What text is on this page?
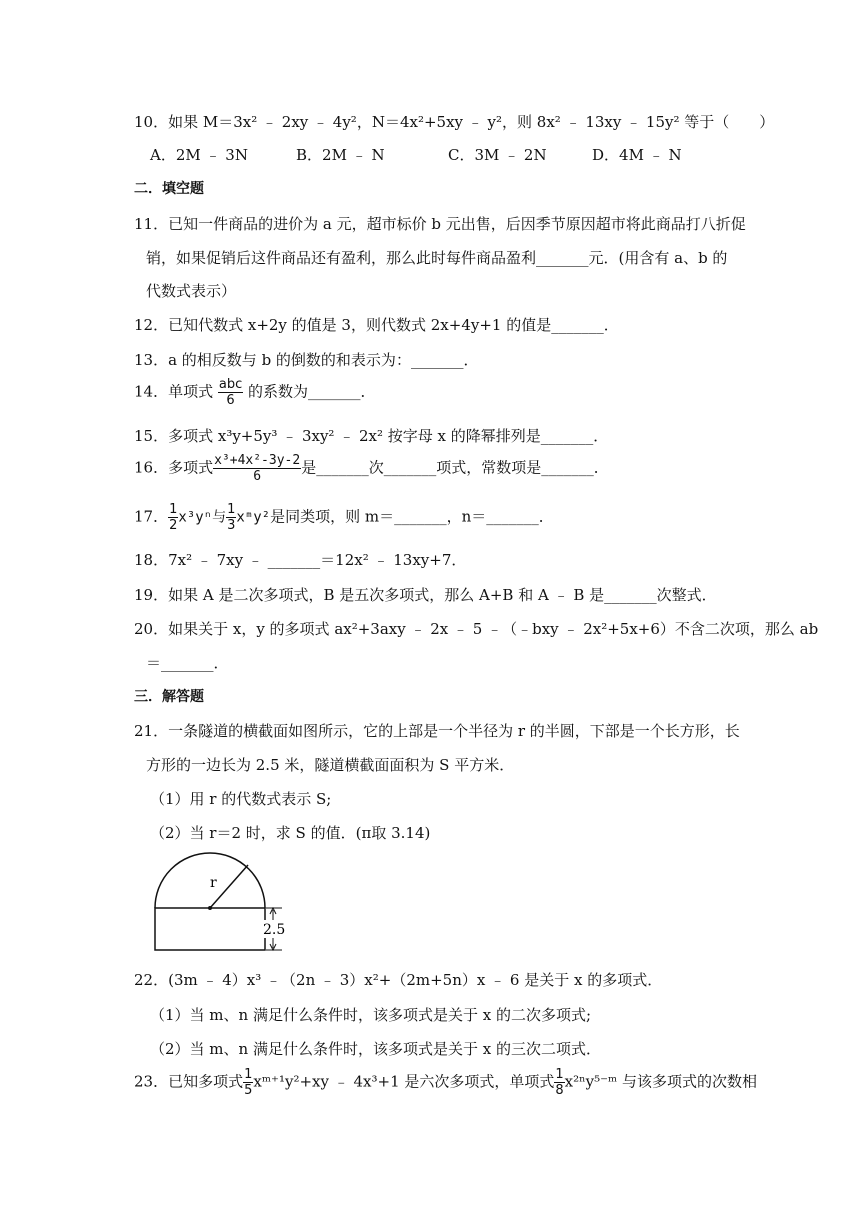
10．如果 M＝3x² ﹣ 2xy ﹣ 4y²，N＝4x²+5xy ﹣ y²，则 8x² ﹣ 13xy ﹣ 15y² 等于（　　）
A．2M ﹣ 3N	B．2M ﹣ N	C．3M ﹣ 2N	D．4M ﹣ N
二．填空题
11．已知一件商品的进价为 a 元，超市标价 b 元出售，后因季节原因超市将此商品打八折促
销，如果促销后这件商品还有盈利，那么此时每件商品盈利_______元．(用含有 a、b 的
代数式表示）
12．已知代数式 x+2y 的值是 3，则代数式 2x+4y+1 的值是_______．
13．a 的相反数与 b 的倒数的和表示为：_______．
14．单项式 $\frac{\text{abc}}{6}$ 的系数为_______．
15．多项式 x³y+5y³ ﹣ 3xy² ﹣ 2x² 按字母 x 的降幂排列是_______．
16．多项式 $\frac{\text{x³+4x²-3y-2}}{6}$ 是_______次_______项式，常数项是_______．
17． $\frac{1}{2} x^3y^n$与 $\frac{1}{3}$ xᵐy²是同类项，则 m＝_______，n＝_______．
18．7x² ﹣ 7xy ﹣ _______＝12x² ﹣ 13xy+7．
19．如果 A 是二次多项式，B 是五次多项式，那么 A+B 和 A ﹣ B 是_______次整式．
20．如果关于 x，y 的多项式 ax²+3axy ﹣ 2x ﹣ 5 ﹣（﹣bxy ﹣ 2x²+5x+6）不含二次项，那么 ab
＝_______．
三．解答题
21．一条隧道的横截面如图所示，它的上部是一个半径为 r 的半圆，下部是一个长方形，长
方形的一边长为 2.5 米，隧道横截面面积为 S 平方米．
（1）用 r 的代数式表示 S;
（2）当 r＝2 时，求 S 的值．(π取 3.14)
r
2.5
22．(3m ﹣ 4）x³ ﹣（2n ﹣ 3）x²+（2m+5n）x ﹣ 6 是关于 x 的多项式．
（1）当 m、n 满足什么条件时，该多项式是关于 x 的二次多项式;
（2）当 m、n 满足什么条件时，该多项式是关于 x 的三次二项式．
23．已知多项式 $\frac{1}{5}$ xᵐ⁺¹y²+xy ﹣ 4x³+1 是六次多项式，单项式 $\frac{1}{8}$ x²ⁿy⁵⁻ᵐ 与该多项式的次数相
